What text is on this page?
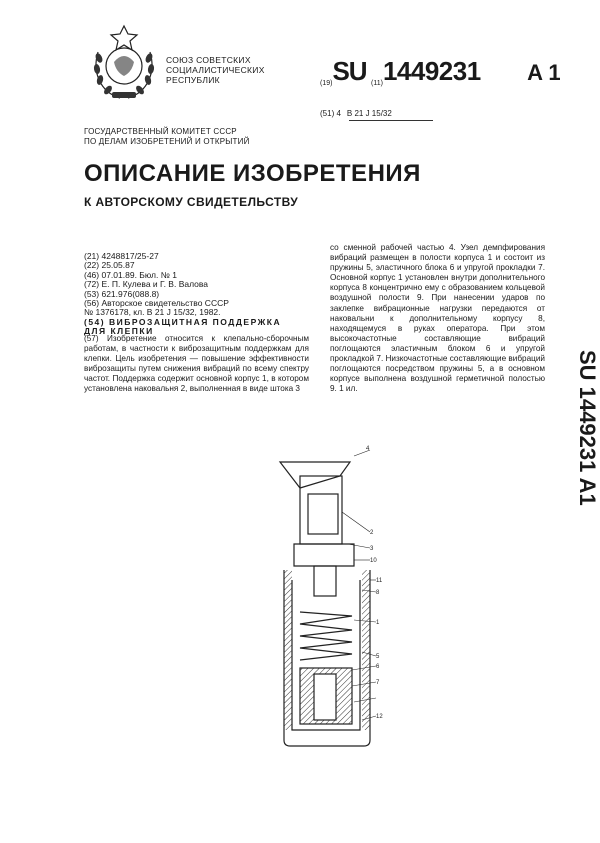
СОЮЗ СОВЕТСКИХ
СОЦИАЛИСТИЧЕСКИХ
РЕСПУБЛИК	(19)SU (11)1449231 A 1
(51) 4 B 21 J 15/32
ГОСУДАРСТВЕННЫЙ КОМИТЕТ СССР
ПО ДЕЛАМ ИЗОБРЕТЕНИЙ И ОТКРЫТИЙ
ОПИСАНИЕ ИЗОБРЕТЕНИЯ
К АВТОРСКОМУ СВИДЕТЕЛЬСТВУ
(21) 4248817/25-27
(22) 25.05.87
(46) 07.01.89. Бюл. № 1
(72) Е. П. Кулева и Г. В. Валова
(53) 621.976(088.8)
(56) Авторское свидетельство СССР
№ 1376178, кл. В 21 J 15/32, 1982.
(54) ВИБРОЗАЩИТНАЯ ПОДДЕРЖКА
ДЛЯ КЛЕПКИ
(57) Изобретение относится к клепально-сборочным работам, в частности к виброзащитным поддержкам для клепки. Цель изобретения — повышение эффективности виброзащиты путем снижения вибраций по всему спектру частот. Поддержка содержит основной корпус 1, в котором установлена наковальня 2, выполненная в виде штока 3
со сменной рабочей частью 4. Узел демпфирования вибраций размещен в полости корпуса 1 и состоит из пружины 5, эластичного блока 6 и упругой прокладки 7. Основной корпус 1 установлен внутри дополнительного корпуса 8 концентрично ему с образованием кольцевой воздушной полости 9. При нанесении ударов по заклепке вибрационные нагрузки передаются от наковальни к дополнительному корпусу 8, находящемуся в руках оператора. При этом высокочастотные составляющие вибраций поглощаются эластичным блоком 6 и упругой прокладкой 7. Низкочастотные составляющие вибраций поглощаются посредством пружины 5, а в основном корпусе выполнена воздушной герметичной полостью 9. 1 ил.	SU 1449231 A1
4
2
3
10
11
8
1
5
6
7
12
